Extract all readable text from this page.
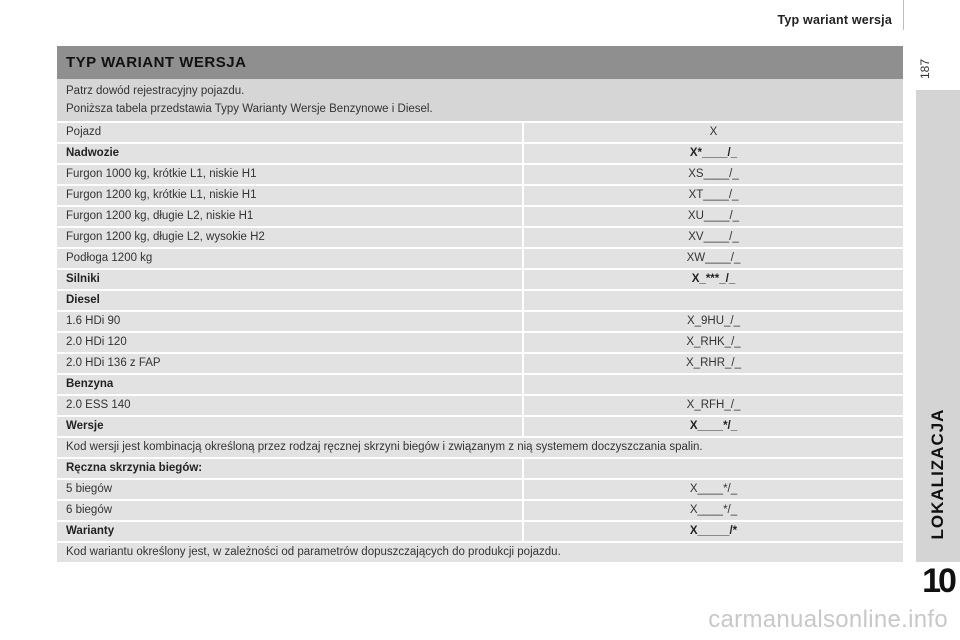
Typ wariant wersja
187
LOKALIZACJA
10
TYP WARIANT WERSJA
Patrz dowód rejestracyjny pojazdu.
Poniższa tabela przedstawia Typy Warianty Wersje Benzynowe i Diesel.
Pojazd	X
Nadwozie	X*____/_
Furgon 1000 kg, krótkie L1, niskie H1	XS____/_
Furgon 1200 kg, krótkie L1, niskie H1	XT____/_
Furgon 1200 kg, długie L2, niskie H1	XU____/_
Furgon 1200 kg, długie L2, wysokie H2	XV____/_
Podłoga 1200 kg	XW____/_
Silniki	X_***_/_
Diesel
1.6 HDi 90	X_9HU_/_
2.0 HDi 120	X_RHK_/_
2.0 HDi 136 z FAP	X_RHR_/_
Benzyna
2.0 ESS 140	X_RFH_/_
Wersje	X____*/_
Kod wersji jest kombinacją określoną przez rodzaj ręcznej skrzyni biegów i związanym z nią systemem doczyszczania spalin.
Ręczna skrzynia biegów:
5 biegów	X____*/_
6 biegów	X____*/_
Warianty	X_____/*
Kod wariantu określony jest, w zależności od parametrów dopuszczających do produkcji pojazdu.
carmanualsonline.info
